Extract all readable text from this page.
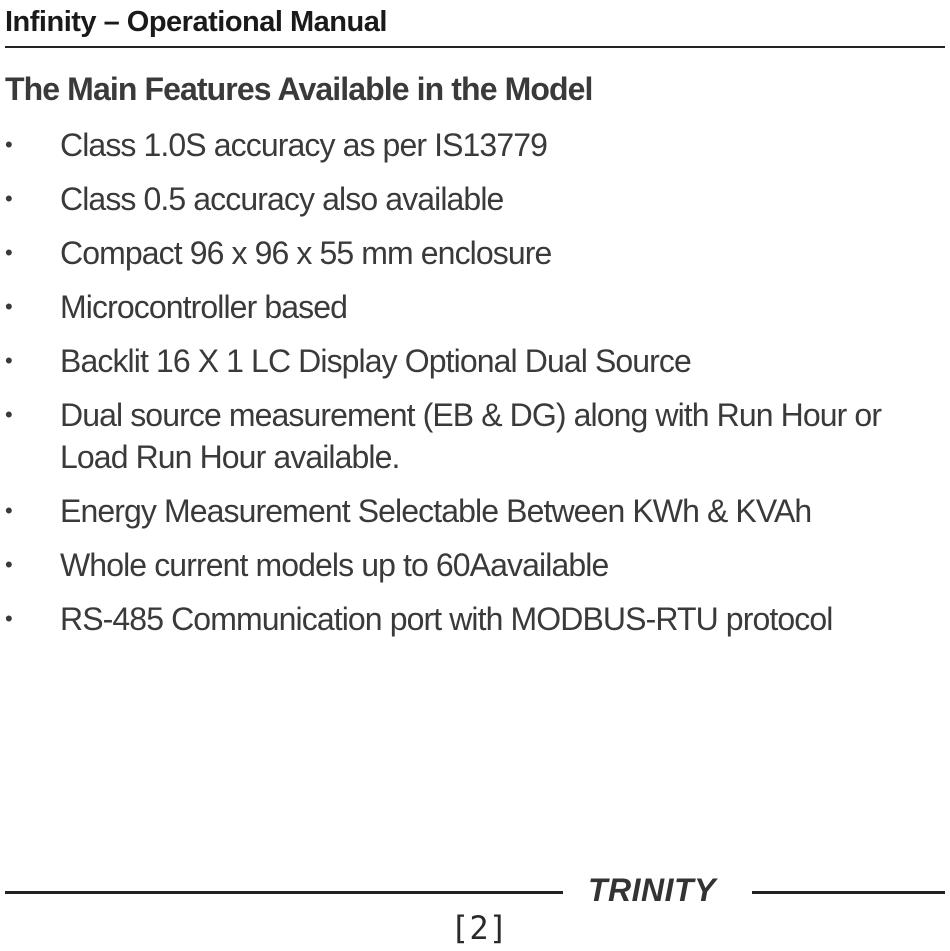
Infinity – Operational Manual
The Main Features Available in the Model
• Class 1.0S accuracy as per IS13779
• Class 0.5 accuracy also available
• Compact 96 x 96 x 55 mm enclosure
• Microcontroller based
• Backlit 16 X 1 LC Display Optional Dual Source
• Dual source measurement (EB & DG) along with Run Hour or
Load Run Hour available.
• Energy Measurement Selectable Between KWh & KVAh
• Whole current models up to 60Aavailable
• RS-485 Communication port with MODBUS-RTU protocol
TRINITY
[2]
